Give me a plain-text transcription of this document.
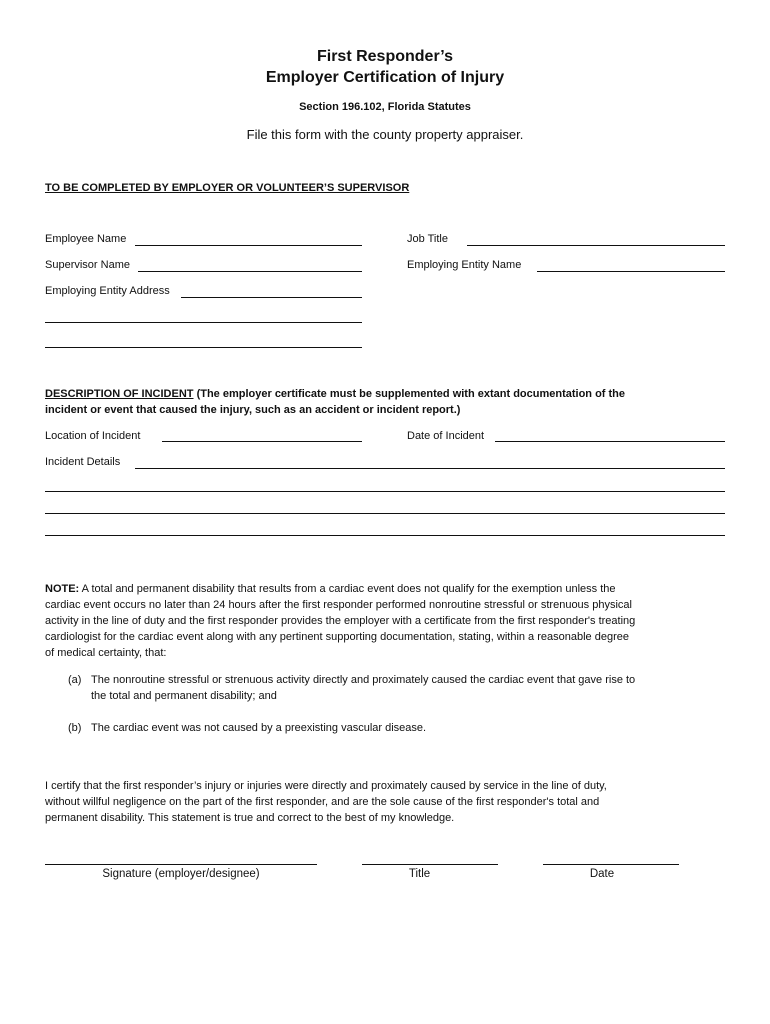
First Responder’s
Employer Certification of Injury
Section 196.102, Florida Statutes
File this form with the county property appraiser.
TO BE COMPLETED BY EMPLOYER OR VOLUNTEER’S SUPERVISOR
Employee Name	Job Title
Supervisor Name	Employing Entity Name
Employing Entity Address
DESCRIPTION OF INCIDENT (The employer certificate must be supplemented with extant documentation of the
incident or event that caused the injury, such as an accident or incident report.)
Location of Incident	Date of Incident
Incident Details
NOTE: A total and permanent disability that results from a cardiac event does not qualify for the exemption unless the
cardiac event occurs no later than 24 hours after the first responder performed nonroutine stressful or strenuous physical
activity in the line of duty and the first responder provides the employer with a certificate from the first responder's treating
cardiologist for the cardiac event along with any pertinent supporting documentation, stating, within a reasonable degree
of medical certainty, that:
(a) The nonroutine stressful or strenuous activity directly and proximately caused the cardiac event that gave rise to
the total and permanent disability; and
(b) The cardiac event was not caused by a preexisting vascular disease.
I certify that the first responder’s injury or injuries were directly and proximately caused by service in the line of duty,
without willful negligence on the part of the first responder, and are the sole cause of the first responder's total and
permanent disability. This statement is true and correct to the best of my knowledge.
Signature (employer/designee)	Title	Date
